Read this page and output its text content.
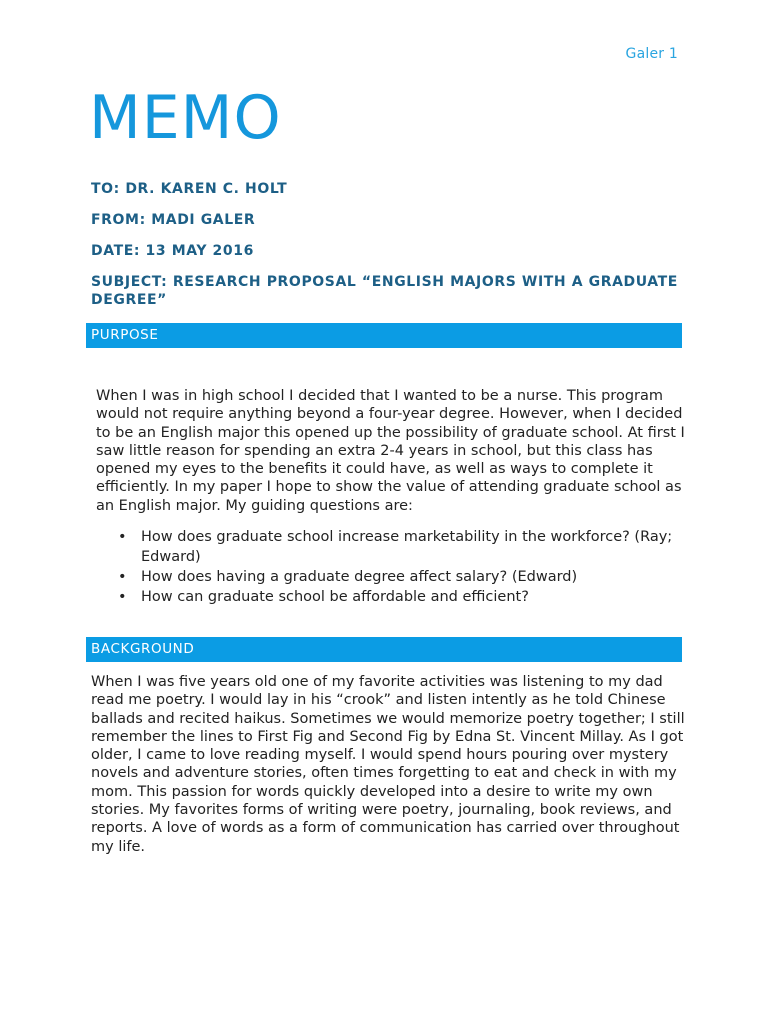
Galer 1
MEMO
TO: DR. KAREN C. HOLT
FROM: MADI GALER
DATE: 13 MAY 2016
SUBJECT: RESEARCH PROPOSAL “ENGLISH MAJORS WITH A GRADUATE DEGREE”
PURPOSE
When I was in high school I decided that I wanted to be a nurse. This program would not require anything beyond a four-year degree. However, when I decided to be an English major this opened up the possibility of graduate school. At first I saw little reason for spending an extra 2-4 years in school, but this class has opened my eyes to the benefits it could have, as well as ways to complete it efficiently. In my paper I hope to show the value of attending graduate school as an English major. My guiding questions are:
• How does graduate school increase marketability in the workforce? (Ray; Edward)
• How does having a graduate degree affect salary? (Edward)
• How can graduate school be affordable and efficient?
BACKGROUND
When I was five years old one of my favorite activities was listening to my dad read me poetry. I would lay in his “crook” and listen intently as he told Chinese ballads and recited haikus. Sometimes we would memorize poetry together; I still remember the lines to First Fig and Second Fig by Edna St. Vincent Millay. As I got older, I came to love reading myself. I would spend hours pouring over mystery novels and adventure stories, often times forgetting to eat and check in with my mom. This passion for words quickly developed into a desire to write my own stories. My favorites forms of writing were poetry, journaling, book reviews, and reports. A love of words as a form of communication has carried over throughout my life.
